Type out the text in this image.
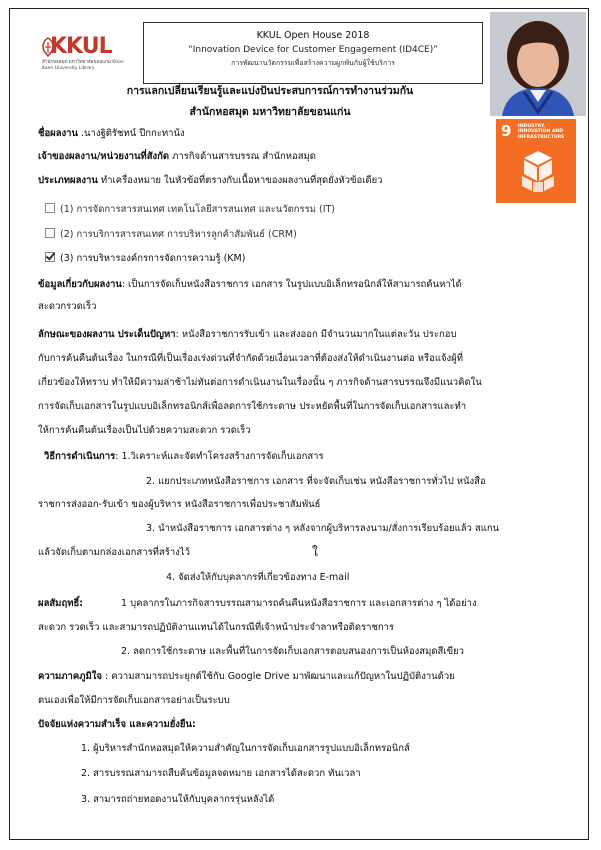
KKUL
สำนักหอสมุด มหาวิทยาลัยขอนแก่น Khon Kaen University Library
KKUL Open House 2018
“Innovation Device for Customer Engagement (ID4CE)”
การพัฒนานวัตกรรมเพื่อสร้างความผูกพันกับผู้ใช้บริการ
การแลกเปลี่ยนเรียนรู้และแบ่งปันประสบการณ์การทำงานร่วมกัน
สำนักหอสมุด มหาวิทยาลัยขอนแก่น
9 INDUSTRY, INNOVATION AND INFRASTRUCTURE
ชื่อผลงาน .นางฐิติรัชทน์ ปีกกะทาน้ง
เจ้าของผลงาน/หน่วยงานที่สังกัด ภารกิจด้านสารบรรณ สำนักหอสมุด
ประเภทผลงาน ทำเครื่องหมาย ในหัวข้อที่ตรางกับเนื้อหาของผลงานที่สุดยั่งหัวข้อเดียว
(1) การจัดการสารสนเทศ เทคโนโลยีสารสนเทศ และนวัตกรรม (IT)
(2) การบริการสารสนเทศ การบริหารลูกค้าสัมพันธ์ (CRM)
(3) การบริหารองค์กรการจัดการความรู้ (KM)
ข้อมูลเกี่ยวกับผลงาน: เป็นการจัดเก็บหนังสือราชการ เอกสาร ในรูปแบบอิเล็กทรอนิกส์ให้สามารถค้นหาได้
สะดวกรวดเร็ว
ลักษณะของผลงาน ประเด็นปัญหา: หนังสือราชการรับเข้า และส่งออก มีจำนวนมากในแต่ละวัน ประกอบ
กับการค้นคืนต้นเรื่อง ในกรณีที่เป็นเรื่องเร่งด่วนที่จำกัดด้วยเงื่อนเวลาที่ต้องส่งให้ดำเนินงานต่อ หรือแจ้งผู้ที่
เกี่ยวข้องให้ทราบ ทำให้มีความล่าช้าไม่ทันต่อการดำเนินงานในเรื่องนั้น ๆ ภารกิจด้านสารบรรณจึงมีแนวคิดใน
การจัดเก็บเอกสารในรูปแบบอิเล็กทรอนิกส์เพื่อลดการใช้กระดาษ ประหยัดพื้นที่ในการจัดเก็บเอกสารและทำ
ให้การค้นคืนต้นเรื่องเป็นไปด้วยความสะดวก รวดเร็ว
วิธีการดำเนินการ: 1.วิเคราะห์และจัดทำโครงสร้างการจัดเก็บเอกสาร
2. แยกประเภทหนังสือราชการ เอกสาร ที่จะจัดเก็บเช่น หนังสือราชการทั่วไป หนังสือ
ราชการส่งออก-รับเข้า ของผู้บริหาร หนังสือราชการเพื่อประชาสัมพันธ์
3. นำหนังสือราชการ เอกสารต่าง ๆ หลังจากผู้บริหารลงนาม/สั่งการเรียบร้อยแล้ว สแกน
แล้วจัดเก็บตามกล่องเอกสารที่สร้างไว้	ใ
4. จัดส่งให้กับบุคลากรที่เกี่ยวข้องทาง E-mail
ผลสัมฤทธิ์:	1 บุคลากรในภารกิจสารบรรณสามารถค้นคืนหนังสือราชการ และเอกสารต่าง ๆ ได้อย่าง
สะดวก รวดเร็ว และสามารถปฏิบัติงานแทนได้ในกรณีที่เจ้าหน้าประจำลาหรือติดราชการ
2. ลดการใช้กระดาษ และพื้นที่ในการจัดเก็บเอกสารตอบสนองการเป็นห้องสมุดสีเขียว
ความภาคภูมิใจ : ความสามารถประยุกต์ใช้กับ Google Drive มาพัฒนาและแก้ปัญหาในปฏิบัติงานด้วย
ตนเองเพื่อให้มีการจัดเก็บเอกสารอย่างเป็นระบบ
ปัจจัยแห่งความสำเร็จ และความยั่งยืน:
1. ผู้บริหารสำนักหอสมุดให้ความสำคัญในการจัดเก็บเอกสารรูปแบบอิเล็กทรอนิกส์
2. สารบรรณสามารถสืบค้นข้อมูลจดหมาย เอกสารได้สะดวก ทันเวลา
3. สามารถถ่ายทอดงานให้กับบุคลากรรุ่นหลังได้
